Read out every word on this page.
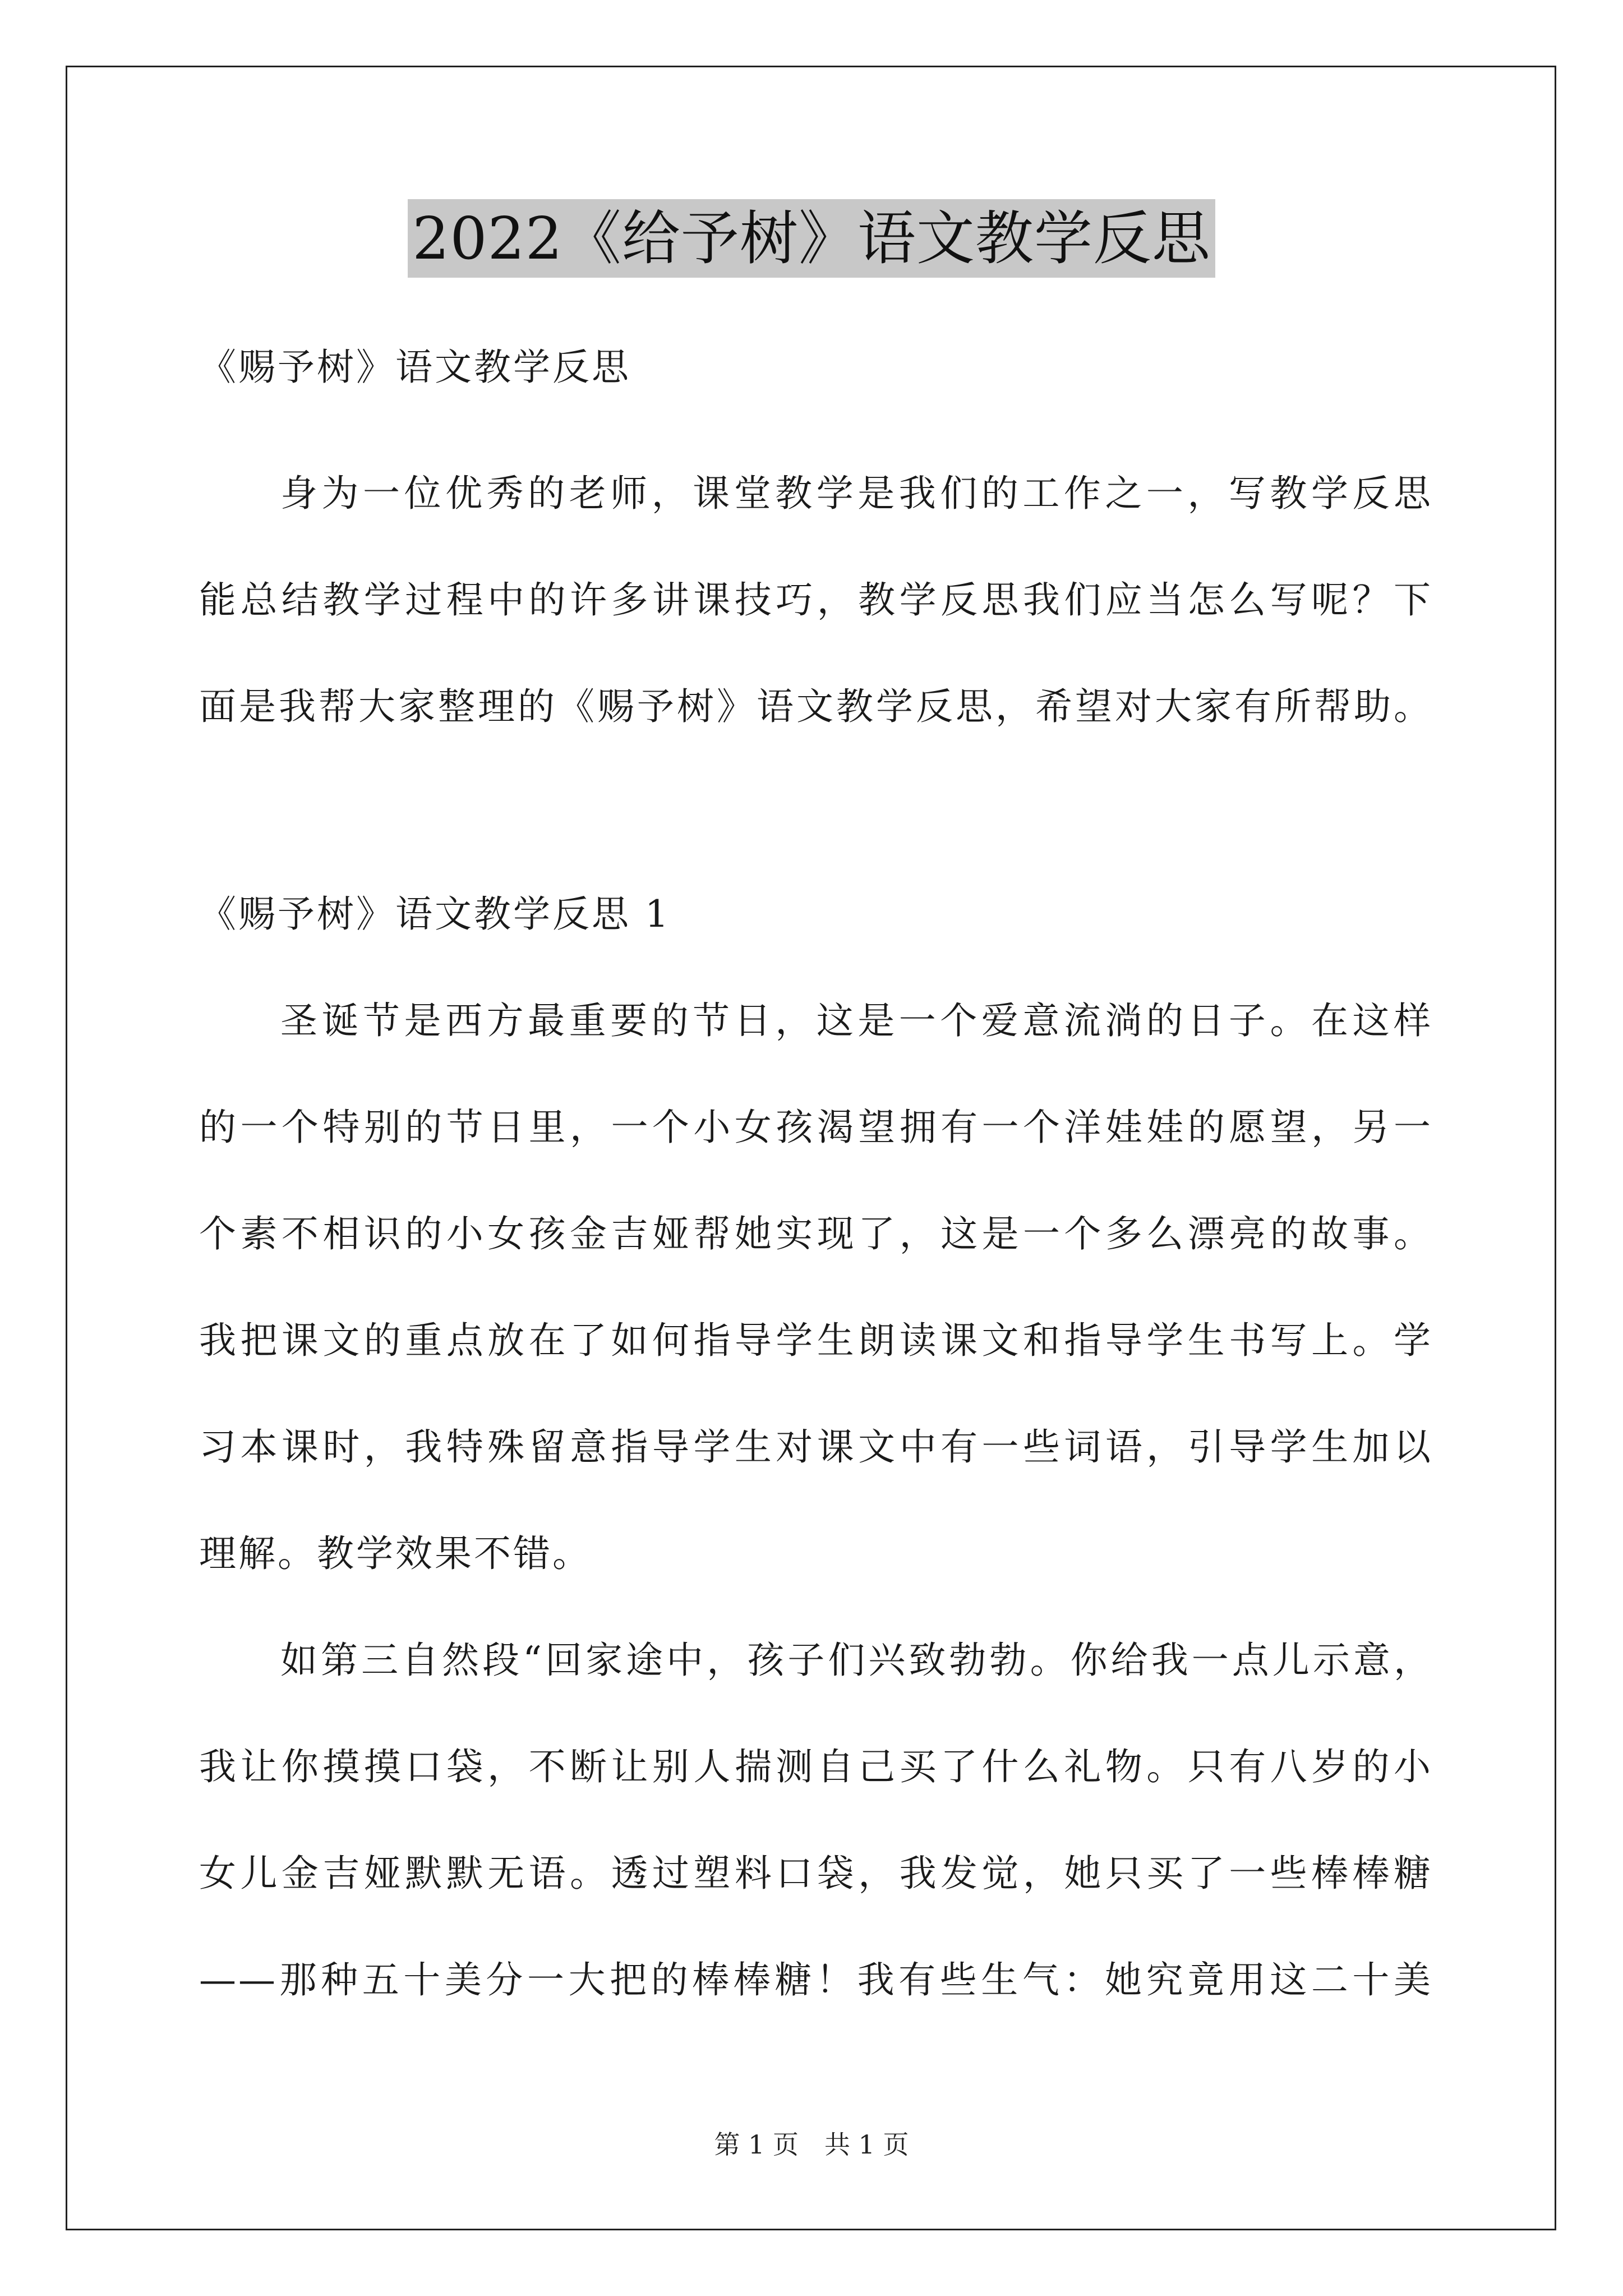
2022《给予树》语文教学反思
《赐予树》语文教学反思
身为一位优秀的老师，课堂教学是我们的工作之一，写教学反思
能总结教学过程中的许多讲课技巧，教学反思我们应当怎么写呢？下
面是我帮大家整理的《赐予树》语文教学反思，希望对大家有所帮助。
《赐予树》语文教学反思 1
圣诞节是西方最重要的节日，这是一个爱意流淌的日子。在这样
的一个特别的节日里，一个小女孩渴望拥有一个洋娃娃的愿望，另一
个素不相识的小女孩金吉娅帮她实现了，这是一个多么漂亮的故事。
我把课文的重点放在了如何指导学生朗读课文和指导学生书写上。学
习本课时，我特殊留意指导学生对课文中有一些词语，引导学生加以
理解。教学效果不错。
如第三自然段“回家途中，孩子们兴致勃勃。你给我一点儿示意，
我让你摸摸口袋，不断让别人揣测自己买了什么礼物。只有八岁的小
女儿金吉娅默默无语。透过塑料口袋，我发觉，她只买了一些棒棒糖
——那种五十美分一大把的棒棒糖！我有些生气：她究竟用这二十美
第 1 页　共 1 页
